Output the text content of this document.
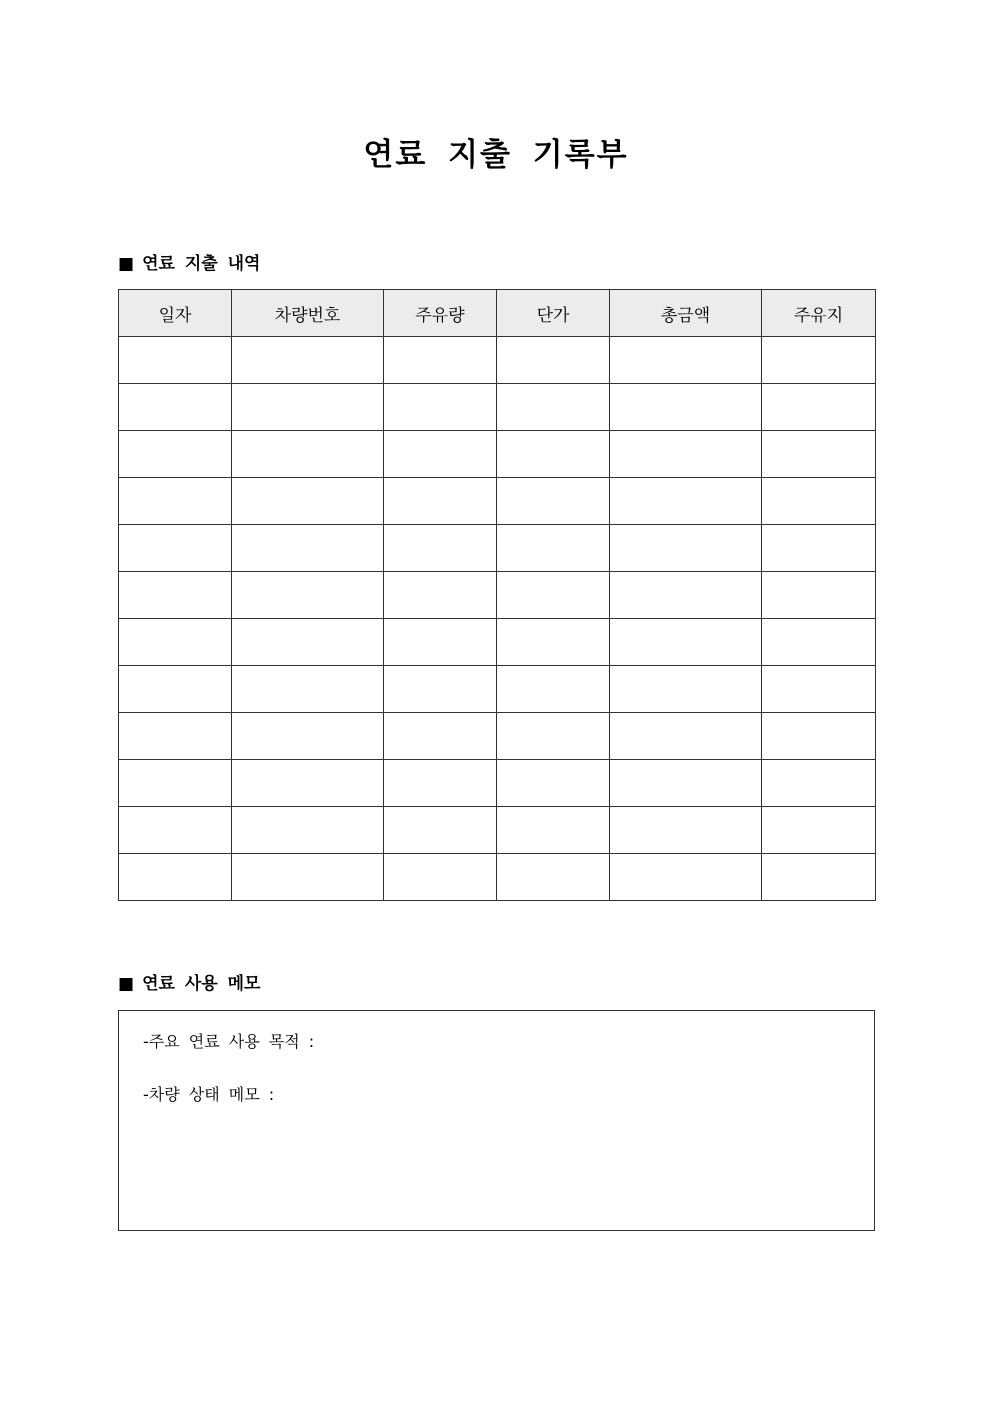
연료 지출 기록부
■ 연료 지출 내역
일자	차량번호	주유량	단가	총금액	주유지

■ 연료 사용 메모
-주요 연료 사용 목적 :
-차량 상태 메모 :
